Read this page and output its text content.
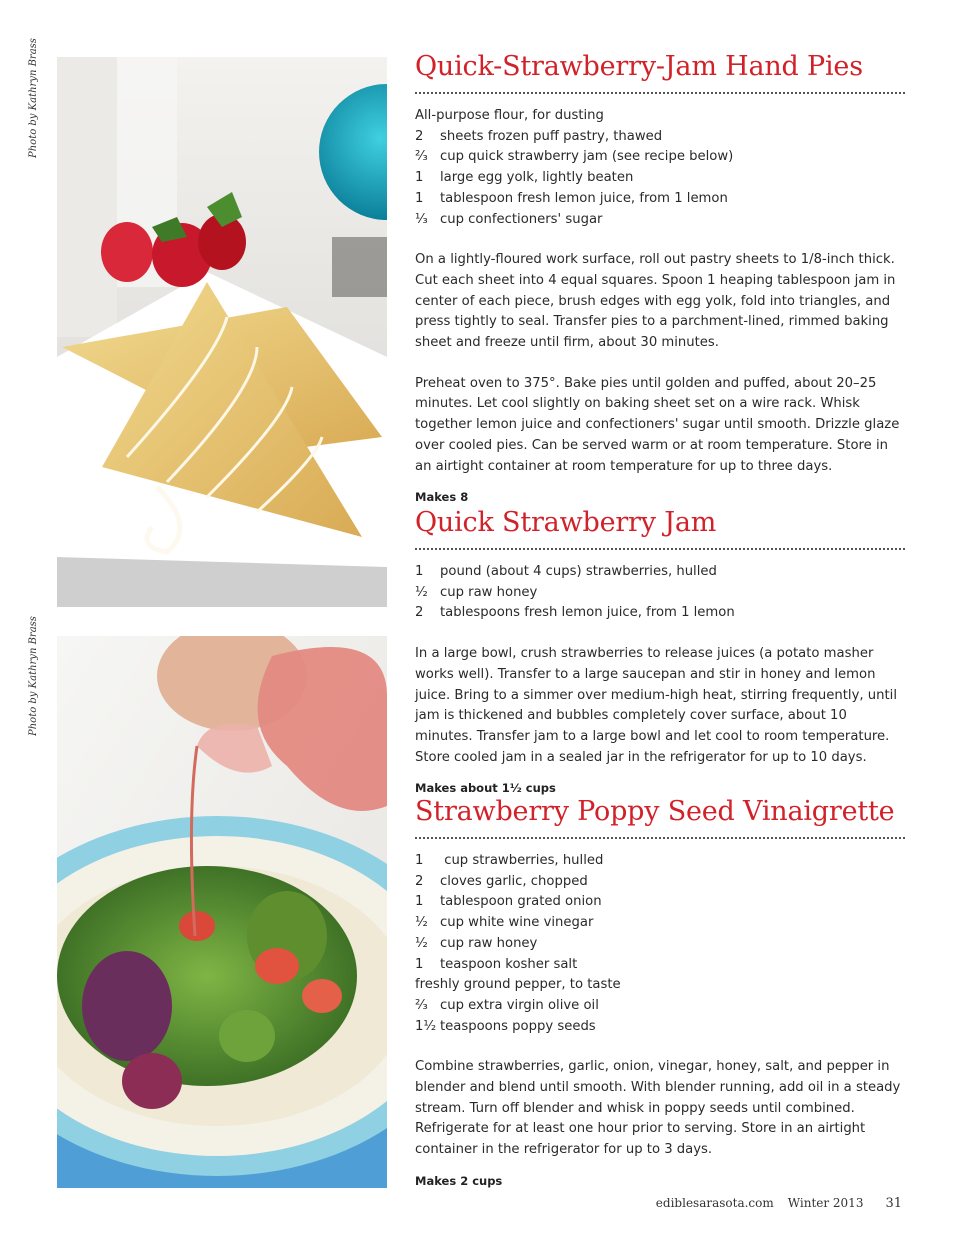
Photo by Kathryn Brass
Photo by Kathryn Brass
Quick-Strawberry-Jam Hand Pies
All-purpose flour, for dusting
2 sheets frozen puff pastry, thawed
²⁄₃ cup quick strawberry jam (see recipe below)
1 large egg yolk, lightly beaten
1 tablespoon fresh lemon juice, from 1 lemon
¹⁄₃ cup confectioners' sugar

On a lightly-floured work surface, roll out pastry sheets to 1/8-inch thick. Cut each sheet into 4 equal squares. Spoon 1 heaping tablespoon jam in center of each piece, brush edges with egg yolk, fold into triangles, and press tightly to seal. Transfer pies to a parchment-lined, rimmed baking sheet and freeze until firm, about 30 minutes.

Preheat oven to 375°. Bake pies until golden and puffed, about 20–25 minutes. Let cool slightly on baking sheet set on a wire rack. Whisk together lemon juice and confectioners' sugar until smooth. Drizzle glaze over cooled pies. Can be served warm or at room temperature. Store in an airtight container at room temperature for up to three days.

Makes 8
Quick Strawberry Jam
1 pound (about 4 cups) strawberries, hulled
¹⁄₂ cup raw honey
2 tablespoons fresh lemon juice, from 1 lemon

In a large bowl, crush strawberries to release juices (a potato masher works well). Transfer to a large saucepan and stir in honey and lemon juice. Bring to a simmer over medium-high heat, stirring frequently, until jam is thickened and bubbles completely cover surface, about 10 minutes. Transfer jam to a large bowl and let cool to room temperature. Store cooled jam in a sealed jar in the refrigerator for up to 10 days.

Makes about 1¹⁄₂ cups
Strawberry Poppy Seed Vinaigrette
1 cup strawberries, hulled
2 cloves garlic, chopped
1 tablespoon grated onion
¹⁄₂ cup white wine vinegar
¹⁄₂ cup raw honey
1 teaspoon kosher salt
freshly ground pepper, to taste
²⁄₃ cup extra virgin olive oil
1¹⁄₂ teaspoons poppy seeds

Combine strawberries, garlic, onion, vinegar, honey, salt, and pepper in blender and blend until smooth. With blender running, add oil in a steady stream. Turn off blender and whisk in poppy seeds until combined. Refrigerate for at least one hour prior to serving. Store in an airtight container in the refrigerator for up to 3 days.

Makes 2 cups
ediblesarasota.com Winter 2013 31
